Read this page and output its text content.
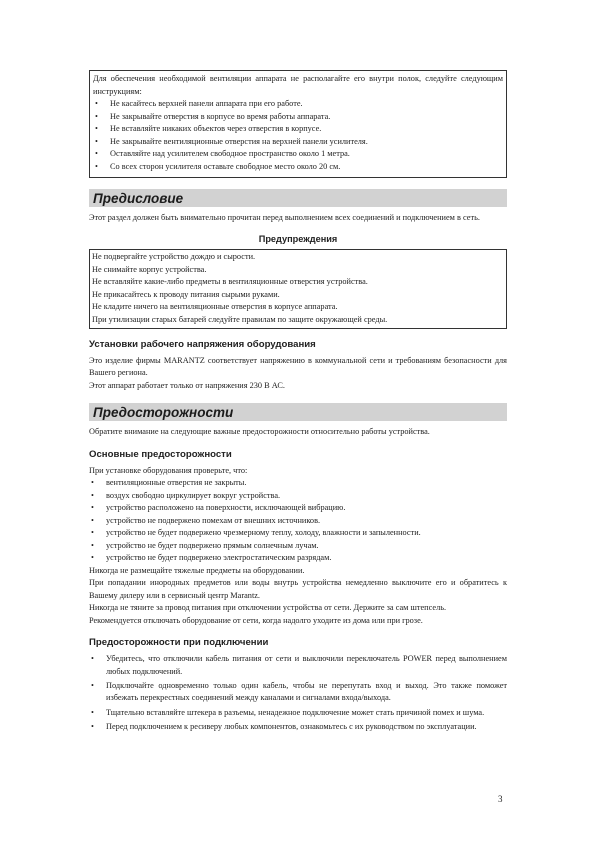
Для обеспечения необходимой вентиляции аппарата не располагайте его внутри полок, следуйте следующим инструкциям:

• Не касайтесь верхней панели аппарата при его работе.
• Не закрывайте отверстия в корпусе во время работы аппарата.
• Не вставляйте никаких объектов через отверстия в корпусе.
• Не закрывайте вентиляционные отверстия на верхней панели усилителя.
• Оставляйте над усилителем свободное пространство около 1 метра.
• Со всех сторон усилителя оставьте свободное место около 20 см.
Предисловие

Этот раздел должен быть внимательно прочитан перед выполнением всех соединений и подключением в сеть.

Предупреждения
Не подвергайте устройство дождю и сырости.
Не снимайте корпус устройства.
Не вставляйте какие-либо предметы в вентиляционные отверстия устройства.
Не прикасайтесь к проводу питания сырыми руками.
Не кладите ничего на вентиляционные отверстия в корпусе аппарата.
При утилизации старых батарей следуйте правилам по защите окружающей среды.
Установки рабочего напряжения оборудования

Это изделие фирмы MARANTZ соответствует напряжению в коммунальной сети и требованиям безопасности для Вашего региона.

Этот аппарат работает только от напряжения 230 В АС.

Предосторожности

Обратите внимание на следующие важные предосторожности относительно работы устройства.

Основные предосторожности

При установке оборудования проверьте, что:

• вентиляционные отверстия не закрыты.
• воздух свободно циркулирует вокруг устройства.
• устройство расположено на поверхности, исключающей вибрацию.
• устройство не подвержено помехам от внешних источников.
• устройство не будет подвержено чрезмерному теплу, холоду, влажности и запыленности.
• устройство не будет подвержено прямым солнечным лучам.
• устройство не будет подвержено электростатическим разрядам.

Никогда не размещайте тяжелые предметы на оборудовании.

При попадании инородных предметов или воды внутрь устройства немедленно выключите его и обратитесь к Вашему дилеру или в сервисный центр Marantz.

Никогда не тяните за провод питания при отключении устройства от сети. Держите за сам штепсель.

Рекомендуется отключать оборудование от сети, когда надолго уходите из дома или при грозе.

Предосторожности при подключении
• Убедитесь, что отключили кабель питания от сети и выключили переключатель POWER перед выполнением любых подключений.
• Подключайте одновременно только один кабель, чтобы не перепутать вход и выход. Это также поможет избежать перекрестных соединений между каналами и сигналами входа/выхода.
• Тщательно вставляйте штекера в разъемы, ненадежное подключение может стать причиной помех и шума.
• Перед подключением к ресиверу любых компонентов, ознакомьтесь с их руководством по эксплуатации.
3
